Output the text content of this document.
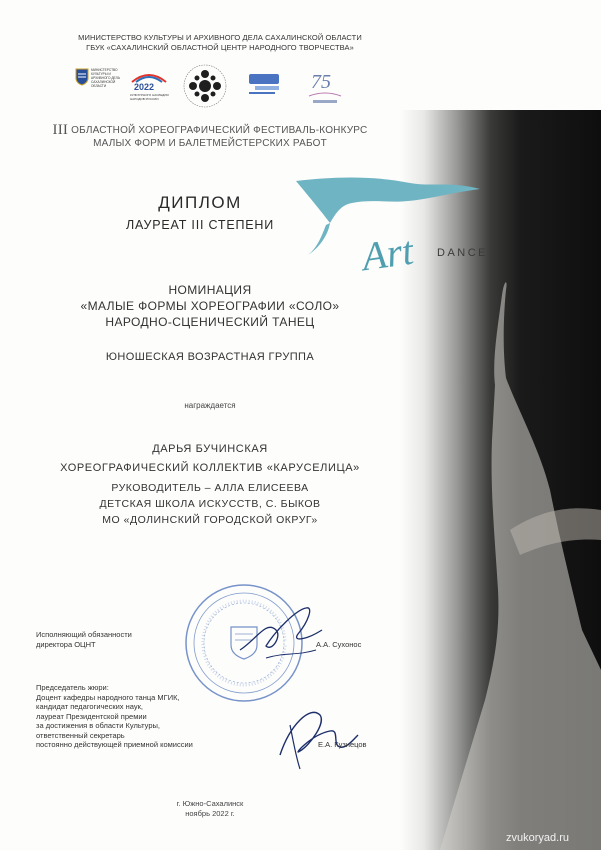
МИНИСТЕРСТВО КУЛЬТУРЫ И АРХИВНОГО ДЕЛА САХАЛИНСКОЙ ОБЛАСТИ
ГБУК «САХАЛИНСКИЙ ОБЛАСТНОЙ ЦЕНТР НАРОДНОГО ТВОРЧЕСТВА»
МИНИСТЕРСТВО КУЛЬТУРЫ И АРХИВНОГО ДЕЛА САХАЛИНСКОЙ ОБЛАСТИ	2022
КУЛЬТУРНОГО НАСЛЕДИЯ НАРОДОВ РОССИИ
75
III ОБЛАСТНОЙ ХОРЕОГРАФИЧЕСКИЙ ФЕСТИВАЛЬ-КОНКУРС
МАЛЫХ ФОРМ И БАЛЕТМЕЙСТЕРСКИХ РАБОТ
ДИПЛОМ
ЛАУРЕАТ III СТЕПЕНИ
Art DANCE
НОМИНАЦИЯ
«МАЛЫЕ ФОРМЫ ХОРЕОГРАФИИ «СОЛО»
НАРОДНО-СЦЕНИЧЕСКИЙ ТАНЕЦ
ЮНОШЕСКАЯ ВОЗРАСТНАЯ ГРУППА
награждается
ДАРЬЯ БУЧИНСКАЯ
ХОРЕОГРАФИЧЕСКИЙ КОЛЛЕКТИВ «КАРУСЕЛИЦА»
РУКОВОДИТЕЛЬ – АЛЛА ЕЛИСЕЕВА
ДЕТСКАЯ ШКОЛА ИСКУССТВ, С. БЫКОВ
МО «ДОЛИНСКИЙ ГОРОДСКОЙ ОКРУГ»
Исполняющий обязанности
директора ОЦНТ	А.А. Сухонос
Председатель жюри:
Доцент кафедры народного танца МГИК,
кандидат педагогических наук,
лауреат Президентской премии
за достижения в области Культуры,
ответственный секретарь
постоянно действующей приемной комиссии	Е.А. Кузнецов
г. Южно-Сахалинск
ноябрь 2022 г.
zvukoryad.ru
